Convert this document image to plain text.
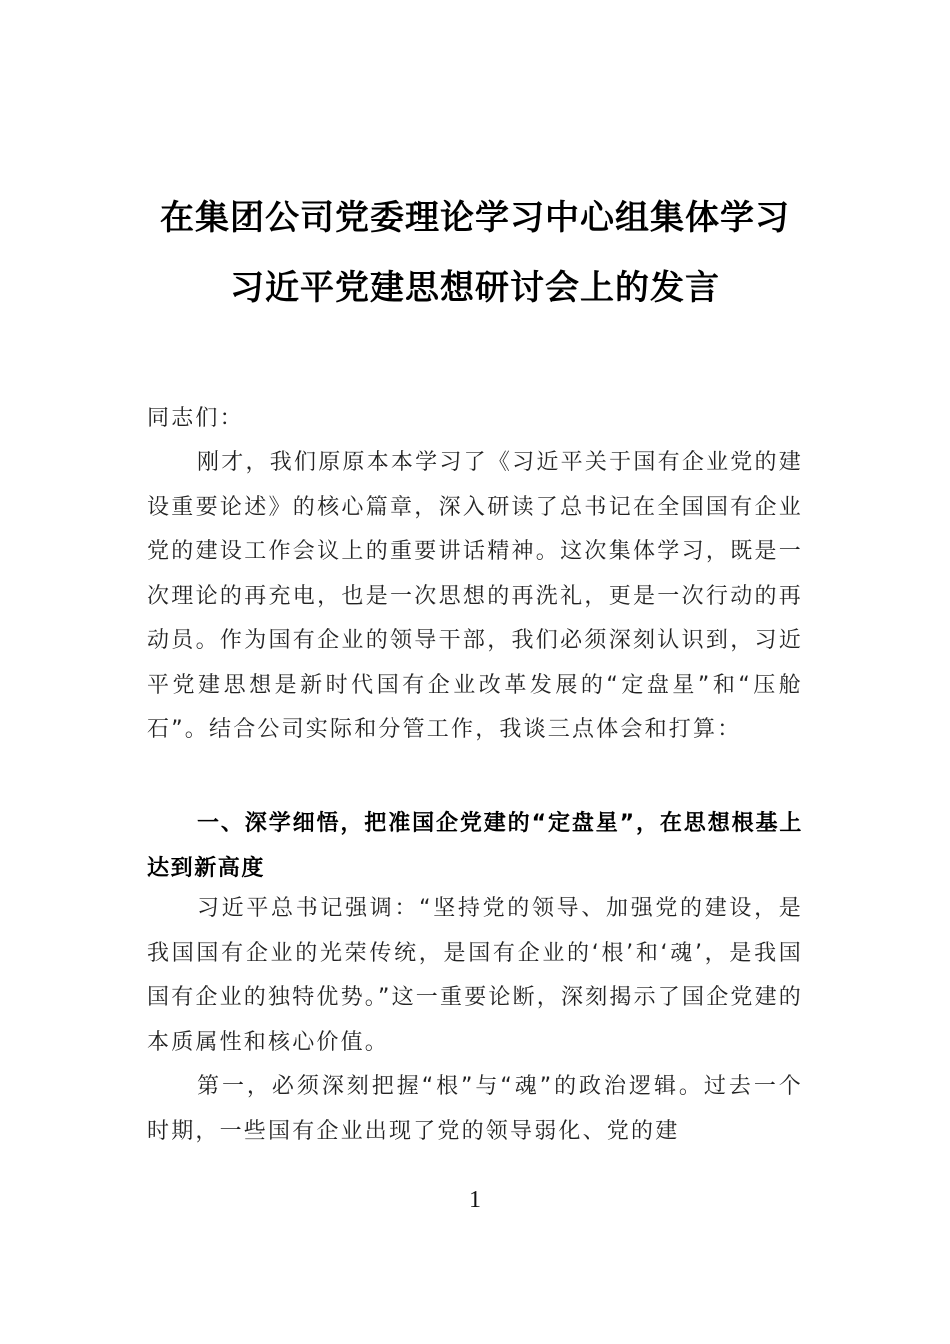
在集团公司党委理论学习中心组集体学习
习近平党建思想研讨会上的发言

同志们：

刚才，我们原原本本学习了《习近平关于国有企业党的建设重要论述》的核心篇章，深入研读了总书记在全国国有企业党的建设工作会议上的重要讲话精神。这次集体学习，既是一次理论的再充电，也是一次思想的再洗礼，更是一次行动的再动员。作为国有企业的领导干部，我们必须深刻认识到，习近平党建思想是新时代国有企业改革发展的“定盘星”和“压舱石”。结合公司实际和分管工作，我谈三点体会和打算：

一、深学细悟，把准国企党建的“定盘星”，在思想根基上达到新高度

习近平总书记强调：“坚持党的领导、加强党的建设，是我国国有企业的光荣传统，是国有企业的‘根’和‘魂’，是我国国有企业的独特优势。”这一重要论断，深刻揭示了国企党建的本质属性和核心价值。

第一，必须深刻把握“根”与“魂”的政治逻辑。过去一个时期，一些国有企业出现了党的领导弱化、党的建

1
